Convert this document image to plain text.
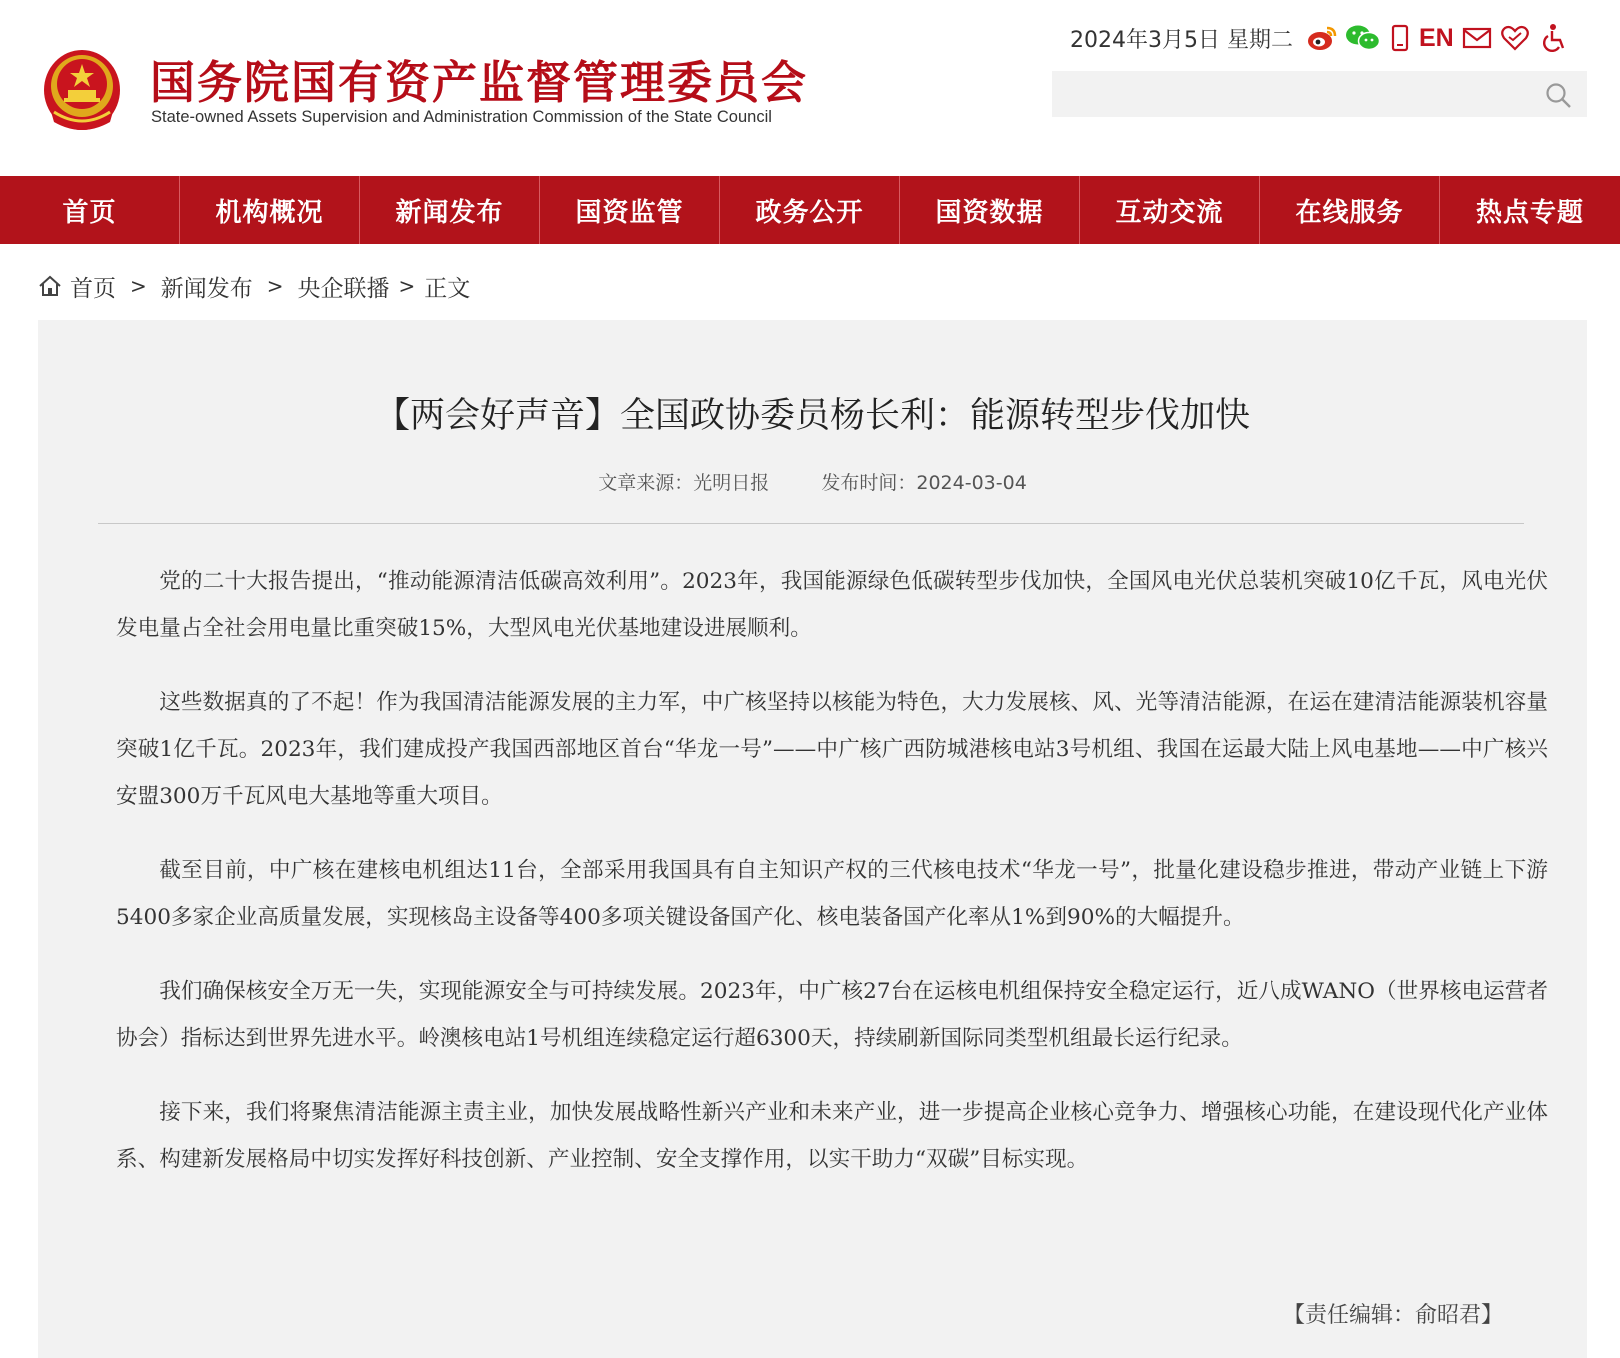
国务院国有资产监督管理委员会
State-owned Assets Supervision and Administration Commission of the State Council
2024年3月5日 星期二	EN
首页	机构概况	新闻发布	国资监管	政务公开	国资数据	互动交流	在线服务	热点专题
首页 > 新闻发布 > 央企联播 > 正文
【两会好声音】全国政协委员杨长利：能源转型步伐加快
文章来源：光明日报	发布时间：2024-03-04

党的二十大报告提出，“推动能源清洁低碳高效利用”。2023年，我国能源绿色低碳转型步伐加快，全国风电光伏总装机突破10亿千瓦，风电光伏发电量占全社会用电量比重突破15%，大型风电光伏基地建设进展顺利。

这些数据真的了不起！作为我国清洁能源发展的主力军，中广核坚持以核能为特色，大力发展核、风、光等清洁能源，在运在建清洁能源装机容量突破1亿千瓦。2023年，我们建成投产我国西部地区首台“华龙一号”——中广核广西防城港核电站3号机组、我国在运最大陆上风电基地——中广核兴安盟300万千瓦风电大基地等重大项目。

截至目前，中广核在建核电机组达11台，全部采用我国具有自主知识产权的三代核电技术“华龙一号”，批量化建设稳步推进，带动产业链上下游5400多家企业高质量发展，实现核岛主设备等400多项关键设备国产化、核电装备国产化率从1%到90%的大幅提升。

我们确保核安全万无一失，实现能源安全与可持续发展。2023年，中广核27台在运核电机组保持安全稳定运行，近八成WANO（世界核电运营者协会）指标达到世界先进水平。岭澳核电站1号机组连续稳定运行超6300天，持续刷新国际同类型机组最长运行纪录。

接下来，我们将聚焦清洁能源主责主业，加快发展战略性新兴产业和未来产业，进一步提高企业核心竞争力、增强核心功能，在建设现代化产业体系、构建新发展格局中切实发挥好科技创新、产业控制、安全支撑作用，以实干助力“双碳”目标实现。

【责任编辑：俞昭君】
